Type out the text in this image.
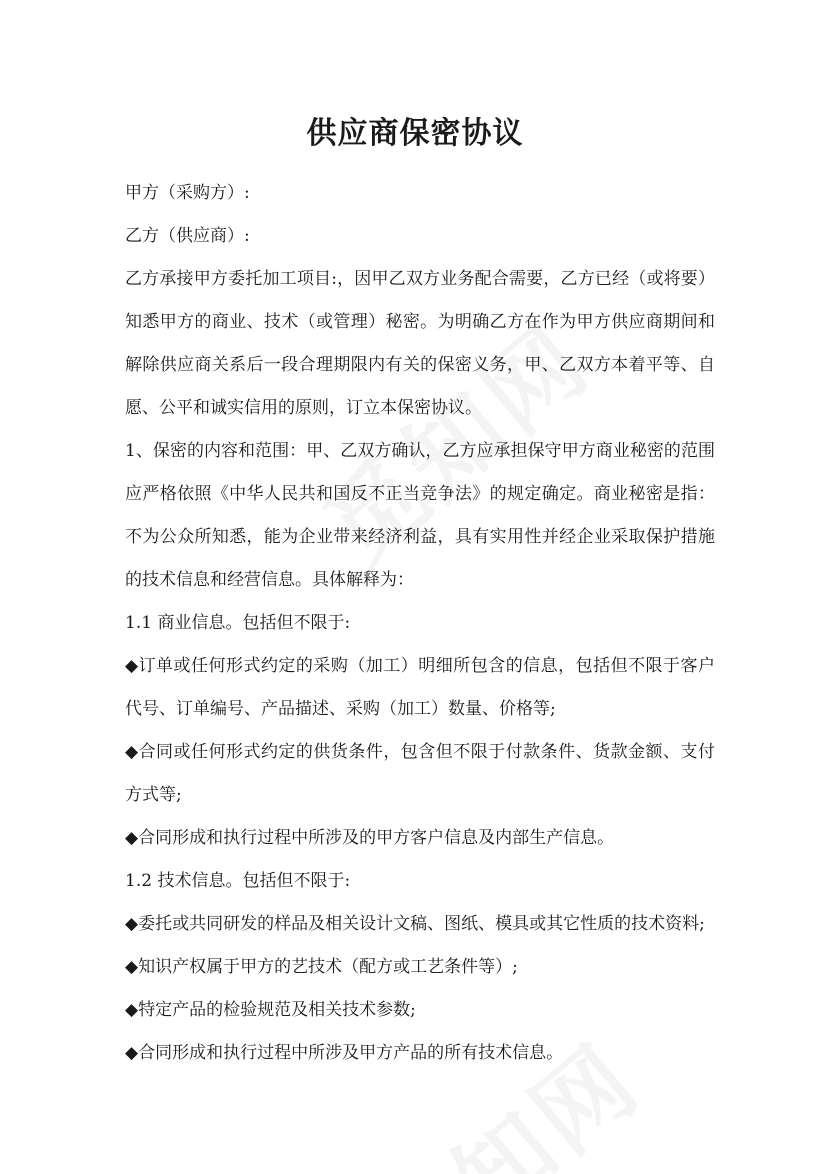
供应商保密协议

甲方（采购方）:

乙方（供应商）:

乙方承接甲方委托加工项目:，因甲乙双方业务配合需要，乙方已经（或将要）知悉甲方的商业、技术（或管理）秘密。为明确乙方在作为甲方供应商期间和解除供应商关系后一段合理期限内有关的保密义务，甲、乙双方本着平等、自愿、公平和诚实信用的原则，订立本保密协议。

1、保密的内容和范围：甲、乙双方确认，乙方应承担保守甲方商业秘密的范围应严格依照《中华人民共和国反不正当竞争法》的规定确定。商业秘密是指：不为公众所知悉，能为企业带来经济利益，具有实用性并经企业采取保护措施的技术信息和经营信息。具体解释为：

1.1 商业信息。包括但不限于:

◆ 订单或任何形式约定的采购（加工）明细所包含的信息，包括但不限于客户代号、订单编号、产品描述、采购（加工）数量、价格等;

◆ 合同或任何形式约定的供货条件，包含但不限于付款条件、货款金额、支付方式等;

◆ 合同形成和执行过程中所涉及的甲方客户信息及内部生产信息。

1.2 技术信息。包括但不限于:

◆ 委托或共同研发的样品及相关设计文稿、图纸、模具或其它性质的技术资料;

◆ 知识产权属于甲方的艺技术（配方或工艺条件等）;

◆ 特定产品的检验规范及相关技术参数;

◆ 合同形成和执行过程中所涉及甲方产品的所有技术信息。
